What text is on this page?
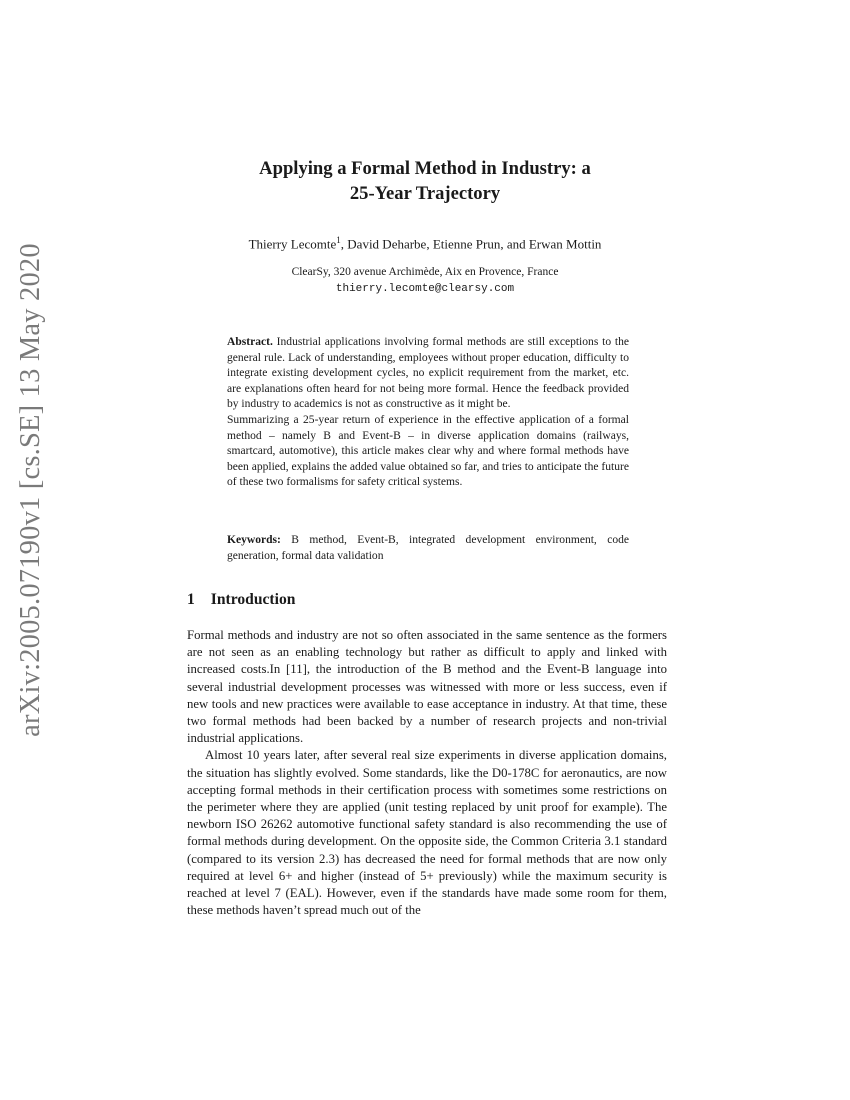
arXiv:2005.07190v1 [cs.SE] 13 May 2020
Applying a Formal Method in Industry: a
25-Year Trajectory
Thierry Lecomte$^1$, David Deharbe, Etienne Prun, and Erwan Mottin
ClearSy, 320 avenue Archimède, Aix en Provence, France
thierry.lecomte@clearsy.com

Abstract. Industrial applications involving formal methods are still exceptions to the general rule. Lack of understanding, employees without proper education, difficulty to integrate existing development cycles, no explicit requirement from the market, etc. are explanations often heard for not being more formal. Hence the feedback provided by industry to academics is not as constructive as it might be.

Summarizing a 25-year return of experience in the effective application of a formal method – namely B and Event-B – in diverse application domains (railways, smartcard, automotive), this article makes clear why and where formal methods have been applied, explains the added value obtained so far, and tries to anticipate the future of these two formalisms for safety critical systems.

Keywords: B method, Event-B, integrated development environment, code generation, formal data validation
1 Introduction

Formal methods and industry are not so often associated in the same sentence as the formers are not seen as an enabling technology but rather as difficult to apply and linked with increased costs.In [11], the introduction of the B method and the Event-B language into several industrial development processes was witnessed with more or less success, even if new tools and new practices were available to ease acceptance in industry. At that time, these two formal methods had been backed by a number of research projects and non-trivial industrial applications.

Almost 10 years later, after several real size experiments in diverse application domains, the situation has slightly evolved. Some standards, like the D0-178C for aeronautics, are now accepting formal methods in their certification process with sometimes some restrictions on the perimeter where they are applied (unit testing replaced by unit proof for example). The newborn ISO 26262 automotive functional safety standard is also recommending the use of formal methods during development. On the opposite side, the Common Criteria 3.1 standard (compared to its version 2.3) has decreased the need for formal methods that are now only required at level 6+ and higher (instead of 5+ previously) while the maximum security is reached at level 7 (EAL). However, even if the standards have made some room for them, these methods haven’t spread much out of the
